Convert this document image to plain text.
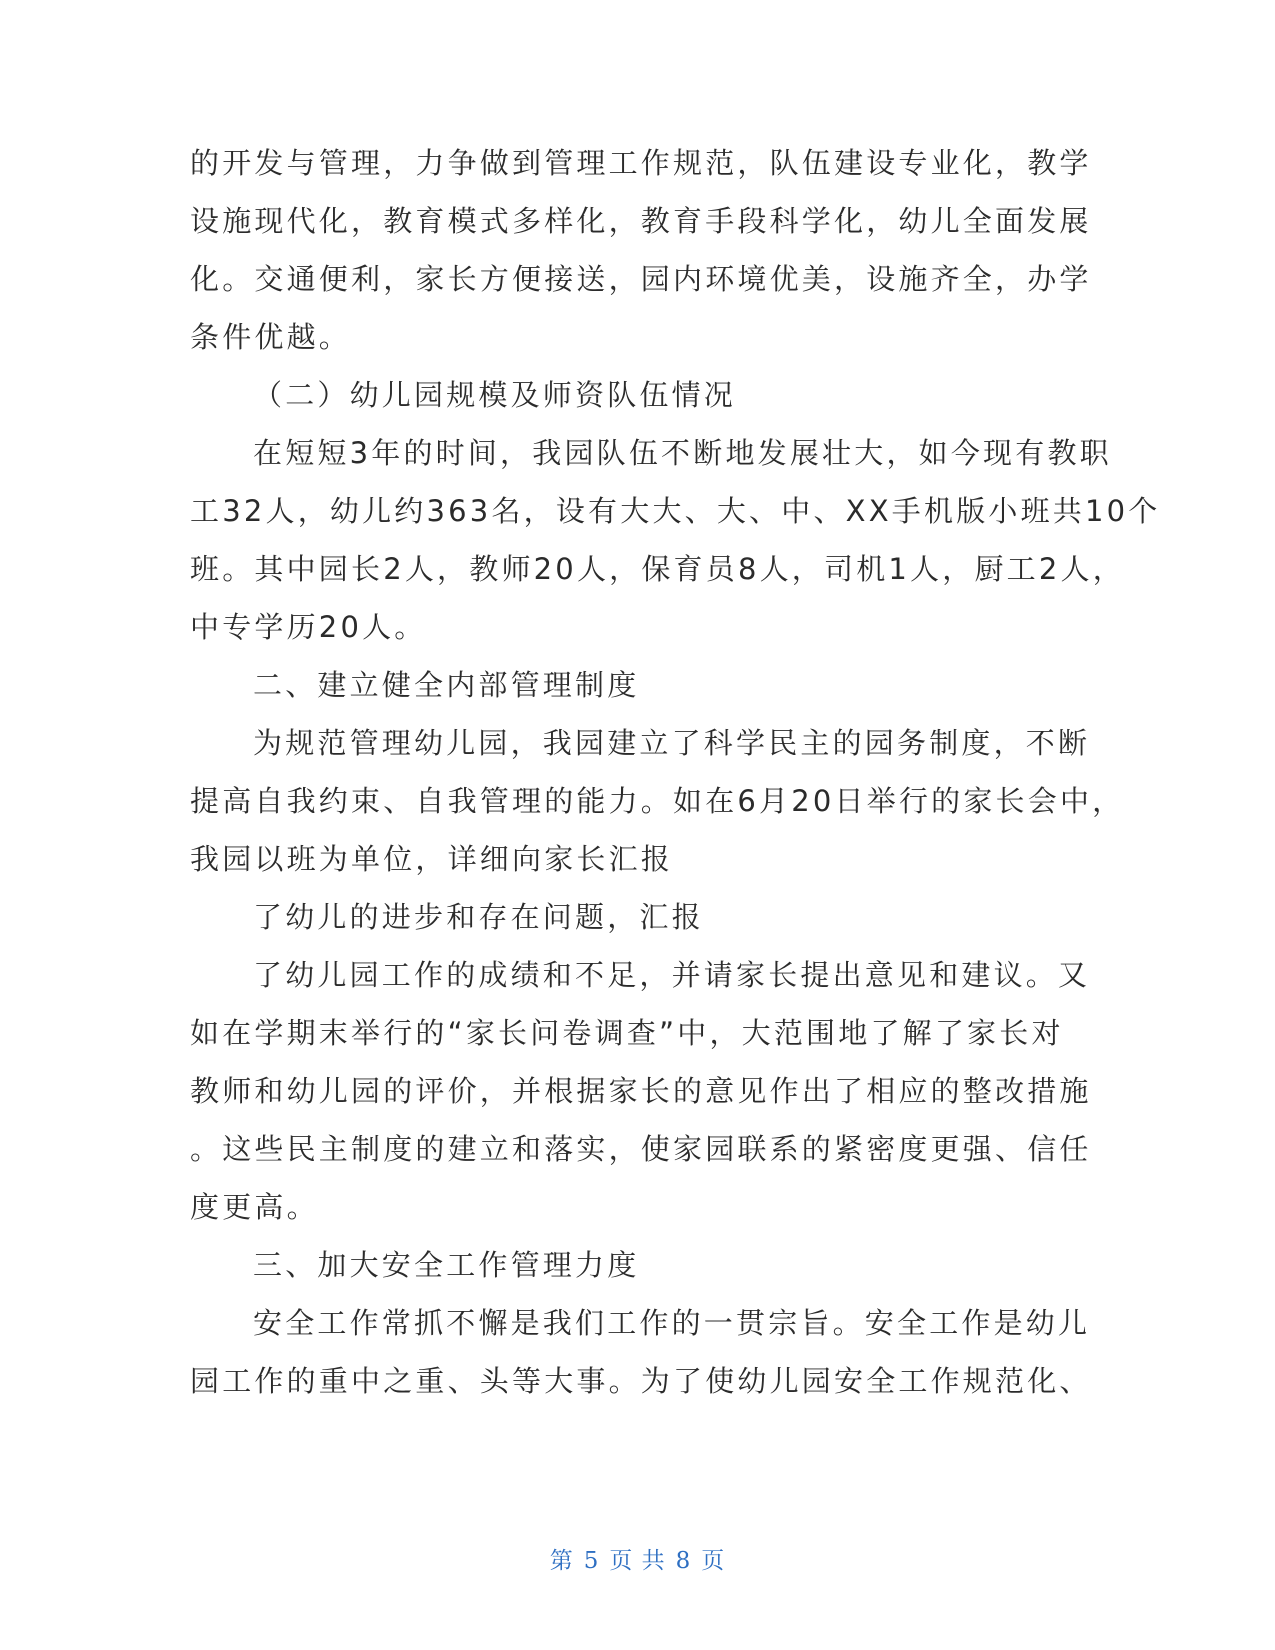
的开发与管理，力争做到管理工作规范，队伍建设专业化，教学
设施现代化，教育模式多样化，教育手段科学化，幼儿全面发展
化。交通便利，家长方便接送，园内环境优美，设施齐全，办学
条件优越。
（二）幼儿园规模及师资队伍情况
在短短3年的时间，我园队伍不断地发展壮大，如今现有教职
工32人，幼儿约363名，设有大大、大、中、XX手机版小班共10个
班。其中园长2人，教师20人，保育员8人，司机1人，厨工2人，
中专学历20人。
二、建立健全内部管理制度
为规范管理幼儿园，我园建立了科学民主的园务制度，不断
提高自我约束、自我管理的能力。如在6月20日举行的家长会中，
我园以班为单位，详细向家长汇报
了幼儿的进步和存在问题，汇报
了幼儿园工作的成绩和不足，并请家长提出意见和建议。又
如在学期末举行的“家长问卷调查”中，大范围地了解了家长对
教师和幼儿园的评价，并根据家长的意见作出了相应的整改措施
。这些民主制度的建立和落实，使家园联系的紧密度更强、信任
度更高。
三、加大安全工作管理力度
安全工作常抓不懈是我们工作的一贯宗旨。安全工作是幼儿
园工作的重中之重、头等大事。为了使幼儿园安全工作规范化、
第 5 页 共 8 页
